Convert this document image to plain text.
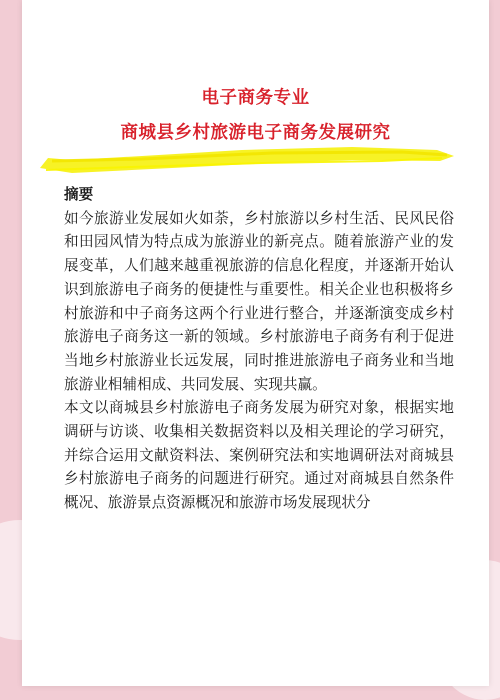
电子商务专业
商城县乡村旅游电子商务发展研究

摘要

如今旅游业发展如火如荼，乡村旅游以乡村生活、民风民俗和田园风情为特点成为旅游业的新亮点。随着旅游产业的发展变革，人们越来越重视旅游的信息化程度，并逐渐开始认识到旅游电子商务的便捷性与重要性。相关企业也积极将乡村旅游和中子商务这两个行业进行整合，并逐渐演变成乡村旅游电子商务这一新的领域。乡村旅游电子商务有利于促进当地乡村旅游业长远发展，同时推进旅游电子商务业和当地旅游业相辅相成、共同发展、实现共赢。

本文以商城县乡村旅游电子商务发展为研究对象，根据实地调研与访谈、收集相关数据资料以及相关理论的学习研究，并综合运用文献资料法、案例研究法和实地调研法对商城县乡村旅游电子商务的问题进行研究。通过对商城县自然条件概况、旅游景点资源概况和旅游市场发展现状分
